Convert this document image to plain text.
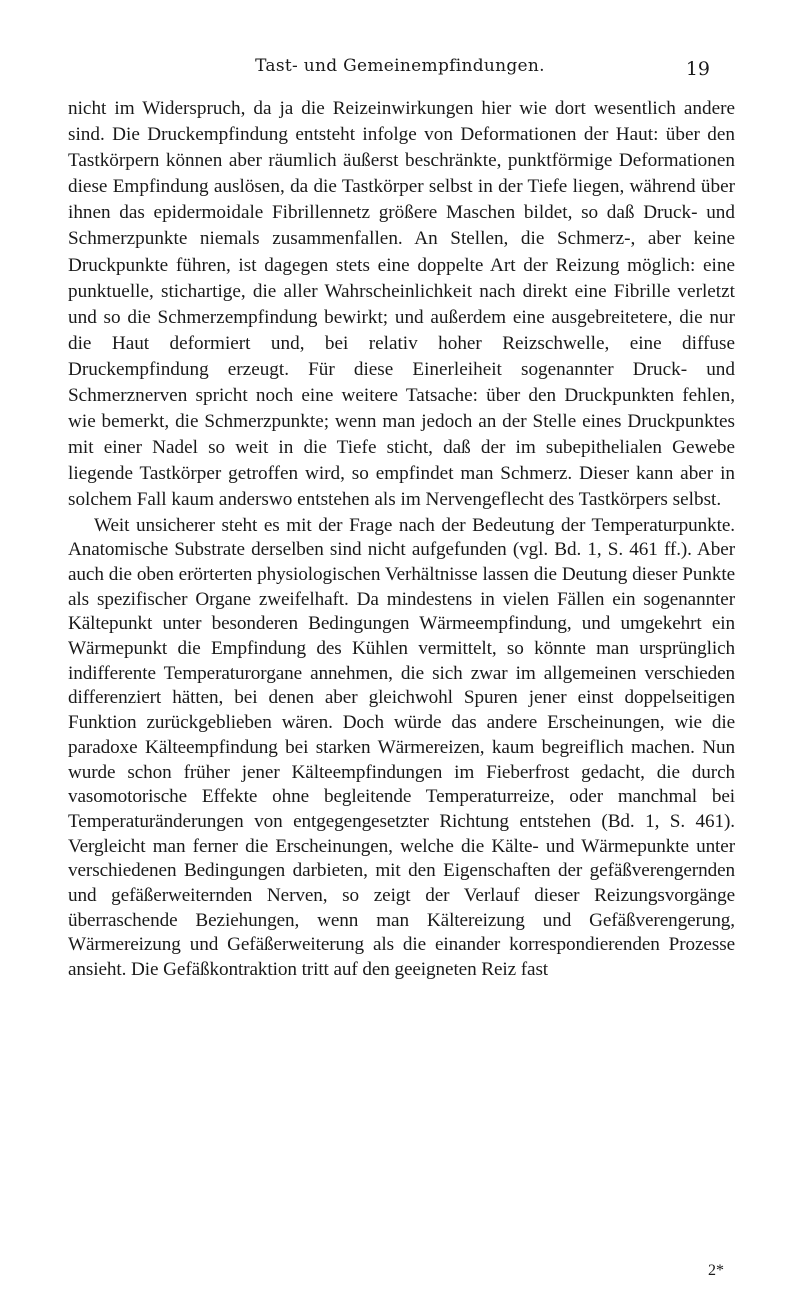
Tast- und Gemeinempfindungen.	19

nicht im Widerspruch, da ja die Reizeinwirkungen hier wie dort wesentlich andere sind. Die Druckempfindung entsteht infolge von Deformationen der Haut: über den Tastkörpern können aber räumlich äußerst beschränkte, punktförmige Deformationen diese Empfindung auslösen, da die Tastkörper selbst in der Tiefe liegen, während über ihnen das epidermoidale Fibrillennetz größere Maschen bildet, so daß Druck- und Schmerzpunkte niemals zusammenfallen. An Stellen, die Schmerz-, aber keine Druckpunkte führen, ist dagegen stets eine doppelte Art der Reizung möglich: eine punktuelle, stichartige, die aller Wahrscheinlichkeit nach direkt eine Fibrille verletzt und so die Schmerzempfindung bewirkt; und außerdem eine ausgebreitetere, die nur die Haut deformiert und, bei relativ hoher Reizschwelle, eine diffuse Druckempfindung erzeugt. Für diese Einerleiheit sogenannter Druck- und Schmerznerven spricht noch eine weitere Tatsache: über den Druckpunkten fehlen, wie bemerkt, die Schmerzpunkte; wenn man jedoch an der Stelle eines Druckpunktes mit einer Nadel so weit in die Tiefe sticht, daß der im subepithelialen Gewebe liegende Tastkörper getroffen wird, so empfindet man Schmerz. Dieser kann aber in solchem Fall kaum anderswo entstehen als im Nervengeflecht des Tastkörpers selbst.

Weit unsicherer steht es mit der Frage nach der Bedeutung der Temperaturpunkte. Anatomische Substrate derselben sind nicht aufgefunden (vgl. Bd. 1, S. 461 ff.). Aber auch die oben erörterten physiologischen Verhältnisse lassen die Deutung dieser Punkte als spezifischer Organe zweifelhaft. Da mindestens in vielen Fällen ein sogenannter Kältepunkt unter besonderen Bedingungen Wärmeempfindung, und umgekehrt ein Wärmepunkt die Empfindung des Kühlen vermittelt, so könnte man ursprünglich indifferente Temperaturorgane annehmen, die sich zwar im allgemeinen verschieden differenziert hätten, bei denen aber gleichwohl Spuren jener einst doppelseitigen Funktion zurückgeblieben wären. Doch würde das andere Erscheinungen, wie die paradoxe Kälteempfindung bei starken Wärmereizen, kaum begreiflich machen. Nun wurde schon früher jener Kälteempfindungen im Fieberfrost gedacht, die durch vasomotorische Effekte ohne begleitende Temperaturreize, oder manchmal bei Temperaturänderungen von entgegengesetzter Richtung entstehen (Bd. 1, S. 461). Vergleicht man ferner die Erscheinungen, welche die Kälte- und Wärmepunkte unter verschiedenen Bedingungen darbieten, mit den Eigenschaften der gefäßverengernden und gefäßerweiternden Nerven, so zeigt der Verlauf dieser Reizungsvorgänge überraschende Beziehungen, wenn man Kältereizung und Gefäßverengerung, Wärmereizung und Gefäßerweiterung als die einander korrespondierenden Prozesse ansieht. Die Gefäßkontraktion tritt auf den geeigneten Reiz fast

2*
